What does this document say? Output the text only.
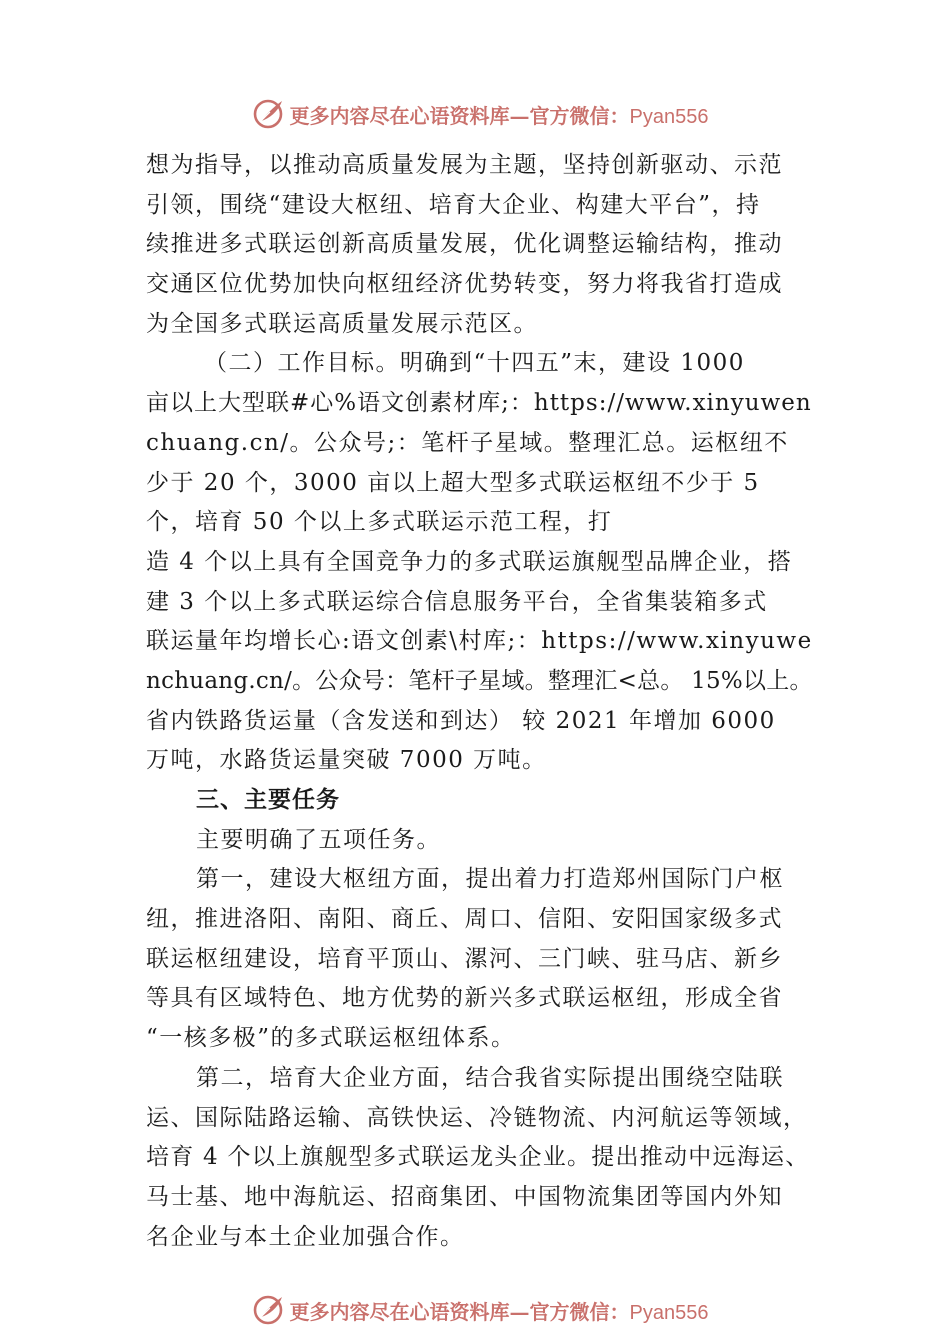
更多内容尽在心语资料库—官方微信：Pyan556
想为指导，以推动高质量发展为主题，坚持创新驱动、示范
引领，围绕“建设大枢纽、培育大企业、构建大平台”，持
续推进多式联运创新高质量发展，优化调整运输结构，推动
交通区位优势加快向枢纽经济优势转变，努力将我省打造成
为全国多式联运高质量发展示范区。
（二）工作目标。明确到“十四五”末，建设 1000
亩以上大型联#心%语文创素材库;：https://www.xinyuwen
chuang.cn/。公众号;：笔杆子星域。整理汇总。运枢纽不
少于 20 个，3000 亩以上超大型多式联运枢纽不少于 5
个，培育 50 个以上多式联运示范工程，打
造 4 个以上具有全国竞争力的多式联运旗舰型品牌企业，搭
建 3 个以上多式联运综合信息服务平台，全省集装箱多式
联运量年均增长心:语文创素\村库;：https://www.xinyuwe
nchuang.cn/。公众号：笔杆子星域。整理汇<总。 15%以上。
省内铁路货运量（含发送和到达） 较 2021 年增加 6000
万吨，水路货运量突破 7000 万吨。
三、主要任务
主要明确了五项任务。
第一，建设大枢纽方面，提出着力打造郑州国际门户枢
纽，推进洛阳、南阳、商丘、周口、信阳、安阳国家级多式
联运枢纽建设，培育平顶山、漯河、三门峡、驻马店、新乡
等具有区域特色、地方优势的新兴多式联运枢纽，形成全省
“一核多极”的多式联运枢纽体系。
第二，培育大企业方面，结合我省实际提出围绕空陆联
运、国际陆路运输、高铁快运、冷链物流、内河航运等领域，
培育 4 个以上旗舰型多式联运龙头企业。提出推动中远海运、
马士基、地中海航运、招商集团、中国物流集团等国内外知
名企业与本土企业加强合作。
更多内容尽在心语资料库—官方微信：Pyan556
